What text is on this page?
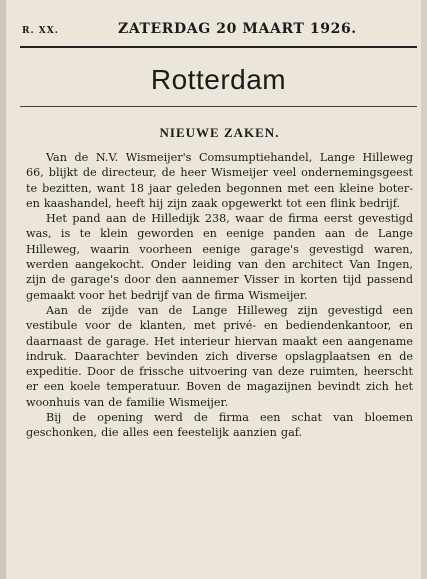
R. XX.	ZATERDAG 20 MAART 1926.
Rotterdam
NIEUWE ZAKEN.

Van de N.V. Wismeijer's Comsumptiehandel, Lange Hilleweg 66, blijkt de directeur, de heer Wismeijer veel ondernemingsgeest te bezitten, want 18 jaar geleden begonnen met een kleine boter- en kaashandel, heeft hij zijn zaak opgewerkt tot een flink bedrijf.

Het pand aan de Hilledijk 238, waar de firma eerst gevestigd was, is te klein geworden en eenige panden aan de Lange Hilleweg, waarin voorheen eenige garage's gevestigd waren, werden aangekocht. Onder leiding van den architect Van Ingen, zijn de garage's door den aannemer Visser in korten tijd passend gemaakt voor het bedrijf van de firma Wismeijer.

Aan de zijde van de Lange Hilleweg zijn gevestigd een vestibule voor de klanten, met privé- en bediendenkantoor, en daarnaast de garage. Het interieur hiervan maakt een aangename indruk. Daarachter bevinden zich diverse opslagplaatsen en de expeditie. Door de frissche uitvoering van deze ruimten, heerscht er een koele temperatuur. Boven de magazijnen bevindt zich het woonhuis van de familie Wismeijer.

Bij de opening werd de firma een schat van bloemen geschonken, die alles een feestelijk aanzien gaf.
